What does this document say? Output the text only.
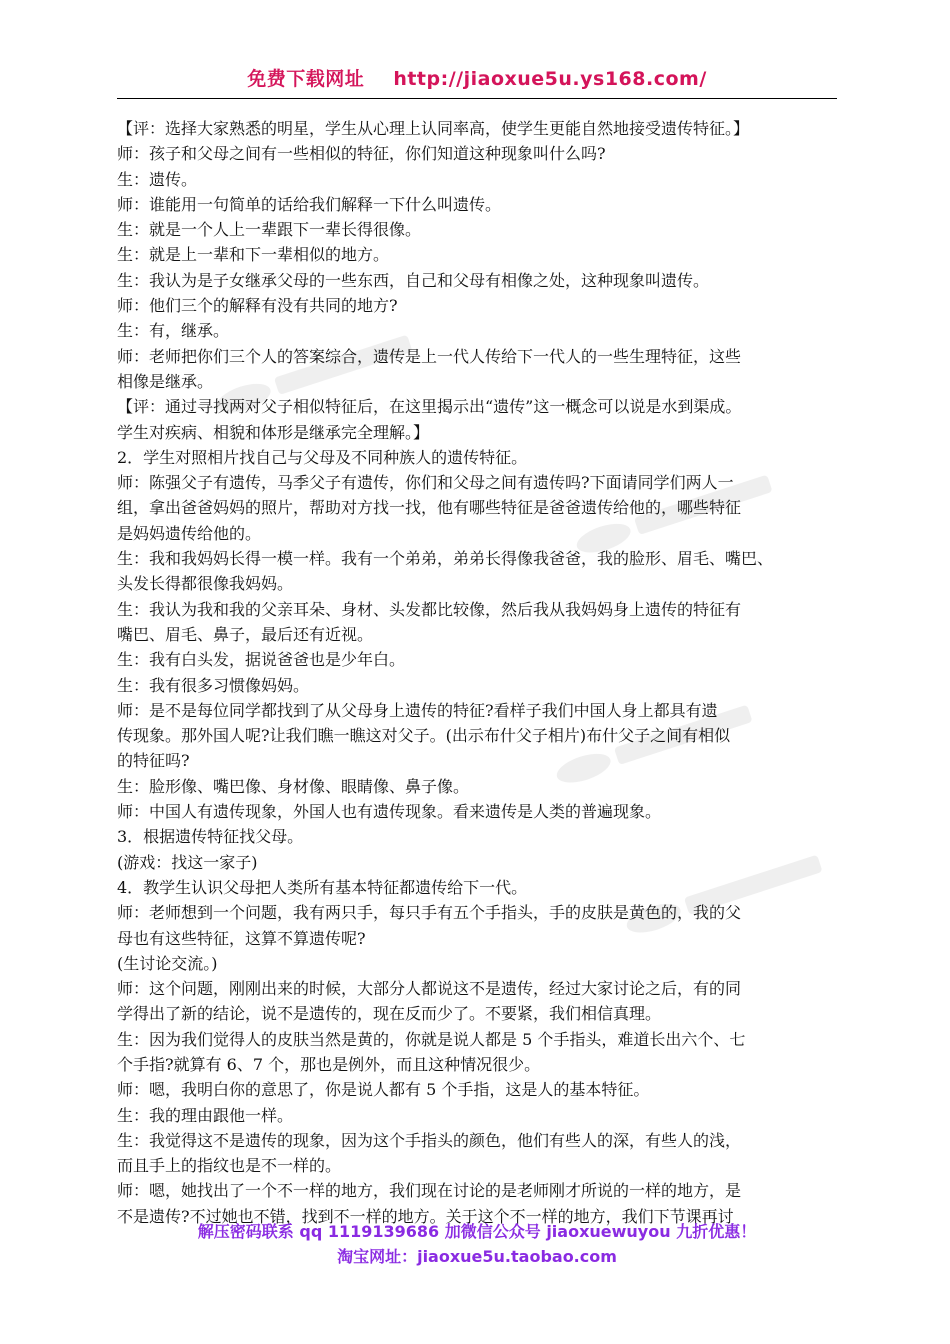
免费下载网址 http://jiaoxue5u.ys168.com/

【评：选择大家熟悉的明星，学生从心理上认同率高，使学生更能自然地接受遗传特征。】

师：孩子和父母之间有一些相似的特征，你们知道这种现象叫什么吗?

生：遗传。

师：谁能用一句简单的话给我们解释一下什么叫遗传。

生：就是一个人上一辈跟下一辈长得很像。

生：就是上一辈和下一辈相似的地方。

生：我认为是子女继承父母的一些东西，自己和父母有相像之处，这种现象叫遗传。

师：他们三个的解释有没有共同的地方?

生：有，继承。

师：老师把你们三个人的答案综合，遗传是上一代人传给下一代人的一些生理特征，这些

相像是继承。

【评：通过寻找两对父子相似特征后，在这里揭示出“遗传”这一概念可以说是水到渠成。

学生对疾病、相貌和体形是继承完全理解。】

2．学生对照相片找自己与父母及不同种族人的遗传特征。

师：陈强父子有遗传，马季父子有遗传，你们和父母之间有遗传吗?下面请同学们两人一

组，拿出爸爸妈妈的照片，帮助对方找一找，他有哪些特征是爸爸遗传给他的，哪些特征

是妈妈遗传给他的。

生：我和我妈妈长得一模一样。我有一个弟弟，弟弟长得像我爸爸，我的脸形、眉毛、嘴巴、

头发长得都很像我妈妈。

生：我认为我和我的父亲耳朵、身材、头发都比较像，然后我从我妈妈身上遗传的特征有

嘴巴、眉毛、鼻子，最后还有近视。

生：我有白头发，据说爸爸也是少年白。

生：我有很多习惯像妈妈。

师：是不是每位同学都找到了从父母身上遗传的特征?看样子我们中国人身上都具有遗

传现象。那外国人呢?让我们瞧一瞧这对父子。(出示布什父子相片)布什父子之间有相似

的特征吗?

生：脸形像、嘴巴像、身材像、眼睛像、鼻子像。

师：中国人有遗传现象，外国人也有遗传现象。看来遗传是人类的普遍现象。

3．根据遗传特征找父母。

(游戏：找这一家子)

4．教学生认识父母把人类所有基本特征都遗传给下一代。

师：老师想到一个问题，我有两只手，每只手有五个手指头，手的皮肤是黄色的，我的父

母也有这些特征，这算不算遗传呢?

(生讨论交流。)

师：这个问题，刚刚出来的时候，大部分人都说这不是遗传，经过大家讨论之后，有的同

学得出了新的结论，说不是遗传的，现在反而少了。不要紧，我们相信真理。

生：因为我们觉得人的皮肤当然是黄的，你就是说人都是 5 个手指头，难道长出六个、七

个手指?就算有 6、7 个，那也是例外，而且这种情况很少。

师：嗯，我明白你的意思了，你是说人都有 5 个手指，这是人的基本特征。

生：我的理由跟他一样。

生：我觉得这不是遗传的现象，因为这个手指头的颜色，他们有些人的深，有些人的浅，

而且手上的指纹也是不一样的。

师：嗯，她找出了一个不一样的地方，我们现在讨论的是老师刚才所说的一样的地方，是

不是遗传?不过她也不错，找到不一样的地方。关于这个不一样的地方，我们下节课再讨

解压密码联系 qq 1119139686 加微信公众号 jiaoxuewuyou 九折优惠！
淘宝网址：jiaoxue5u.taobao.com
